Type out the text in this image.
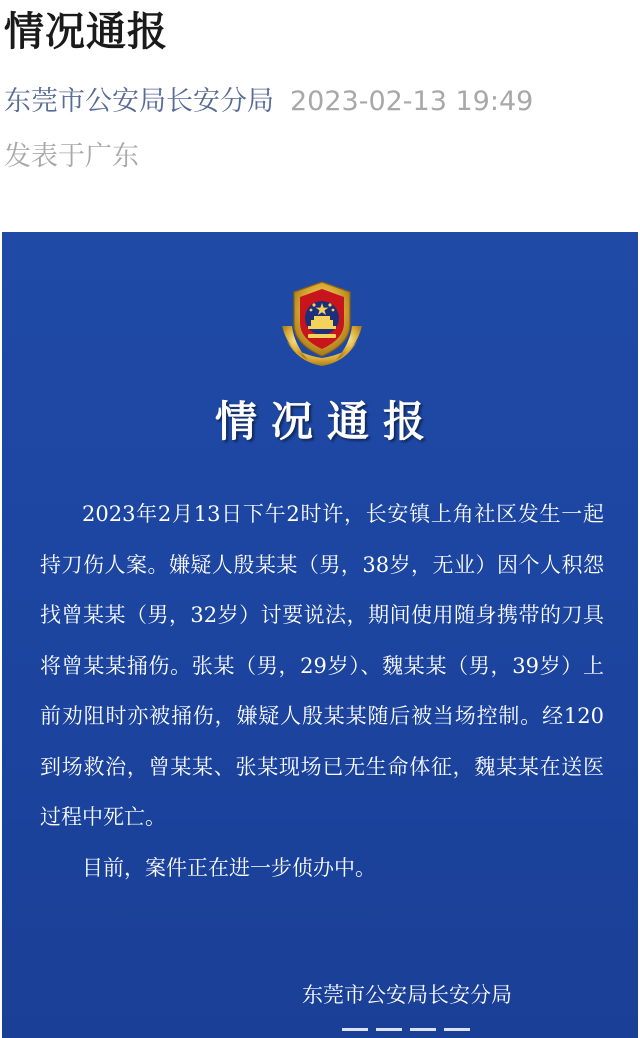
情况通报
东莞市公安局长安分局 2023-02-13 19:49
发表于广东
情况通报

2023年2月13日下午2时许，长安镇上角社区发生一起持刀伤人案。嫌疑人殷某某（男，38岁，无业）因个人积怨找曾某某（男，32岁）讨要说法，期间使用随身携带的刀具将曾某某捅伤。张某（男，29岁）、魏某某（男，39岁）上前劝阻时亦被捅伤，嫌疑人殷某某随后被当场控制。经120到场救治，曾某某、张某现场已无生命体征，魏某某在送医过程中死亡。

目前，案件正在进一步侦办中。

东莞市公安局长安分局
